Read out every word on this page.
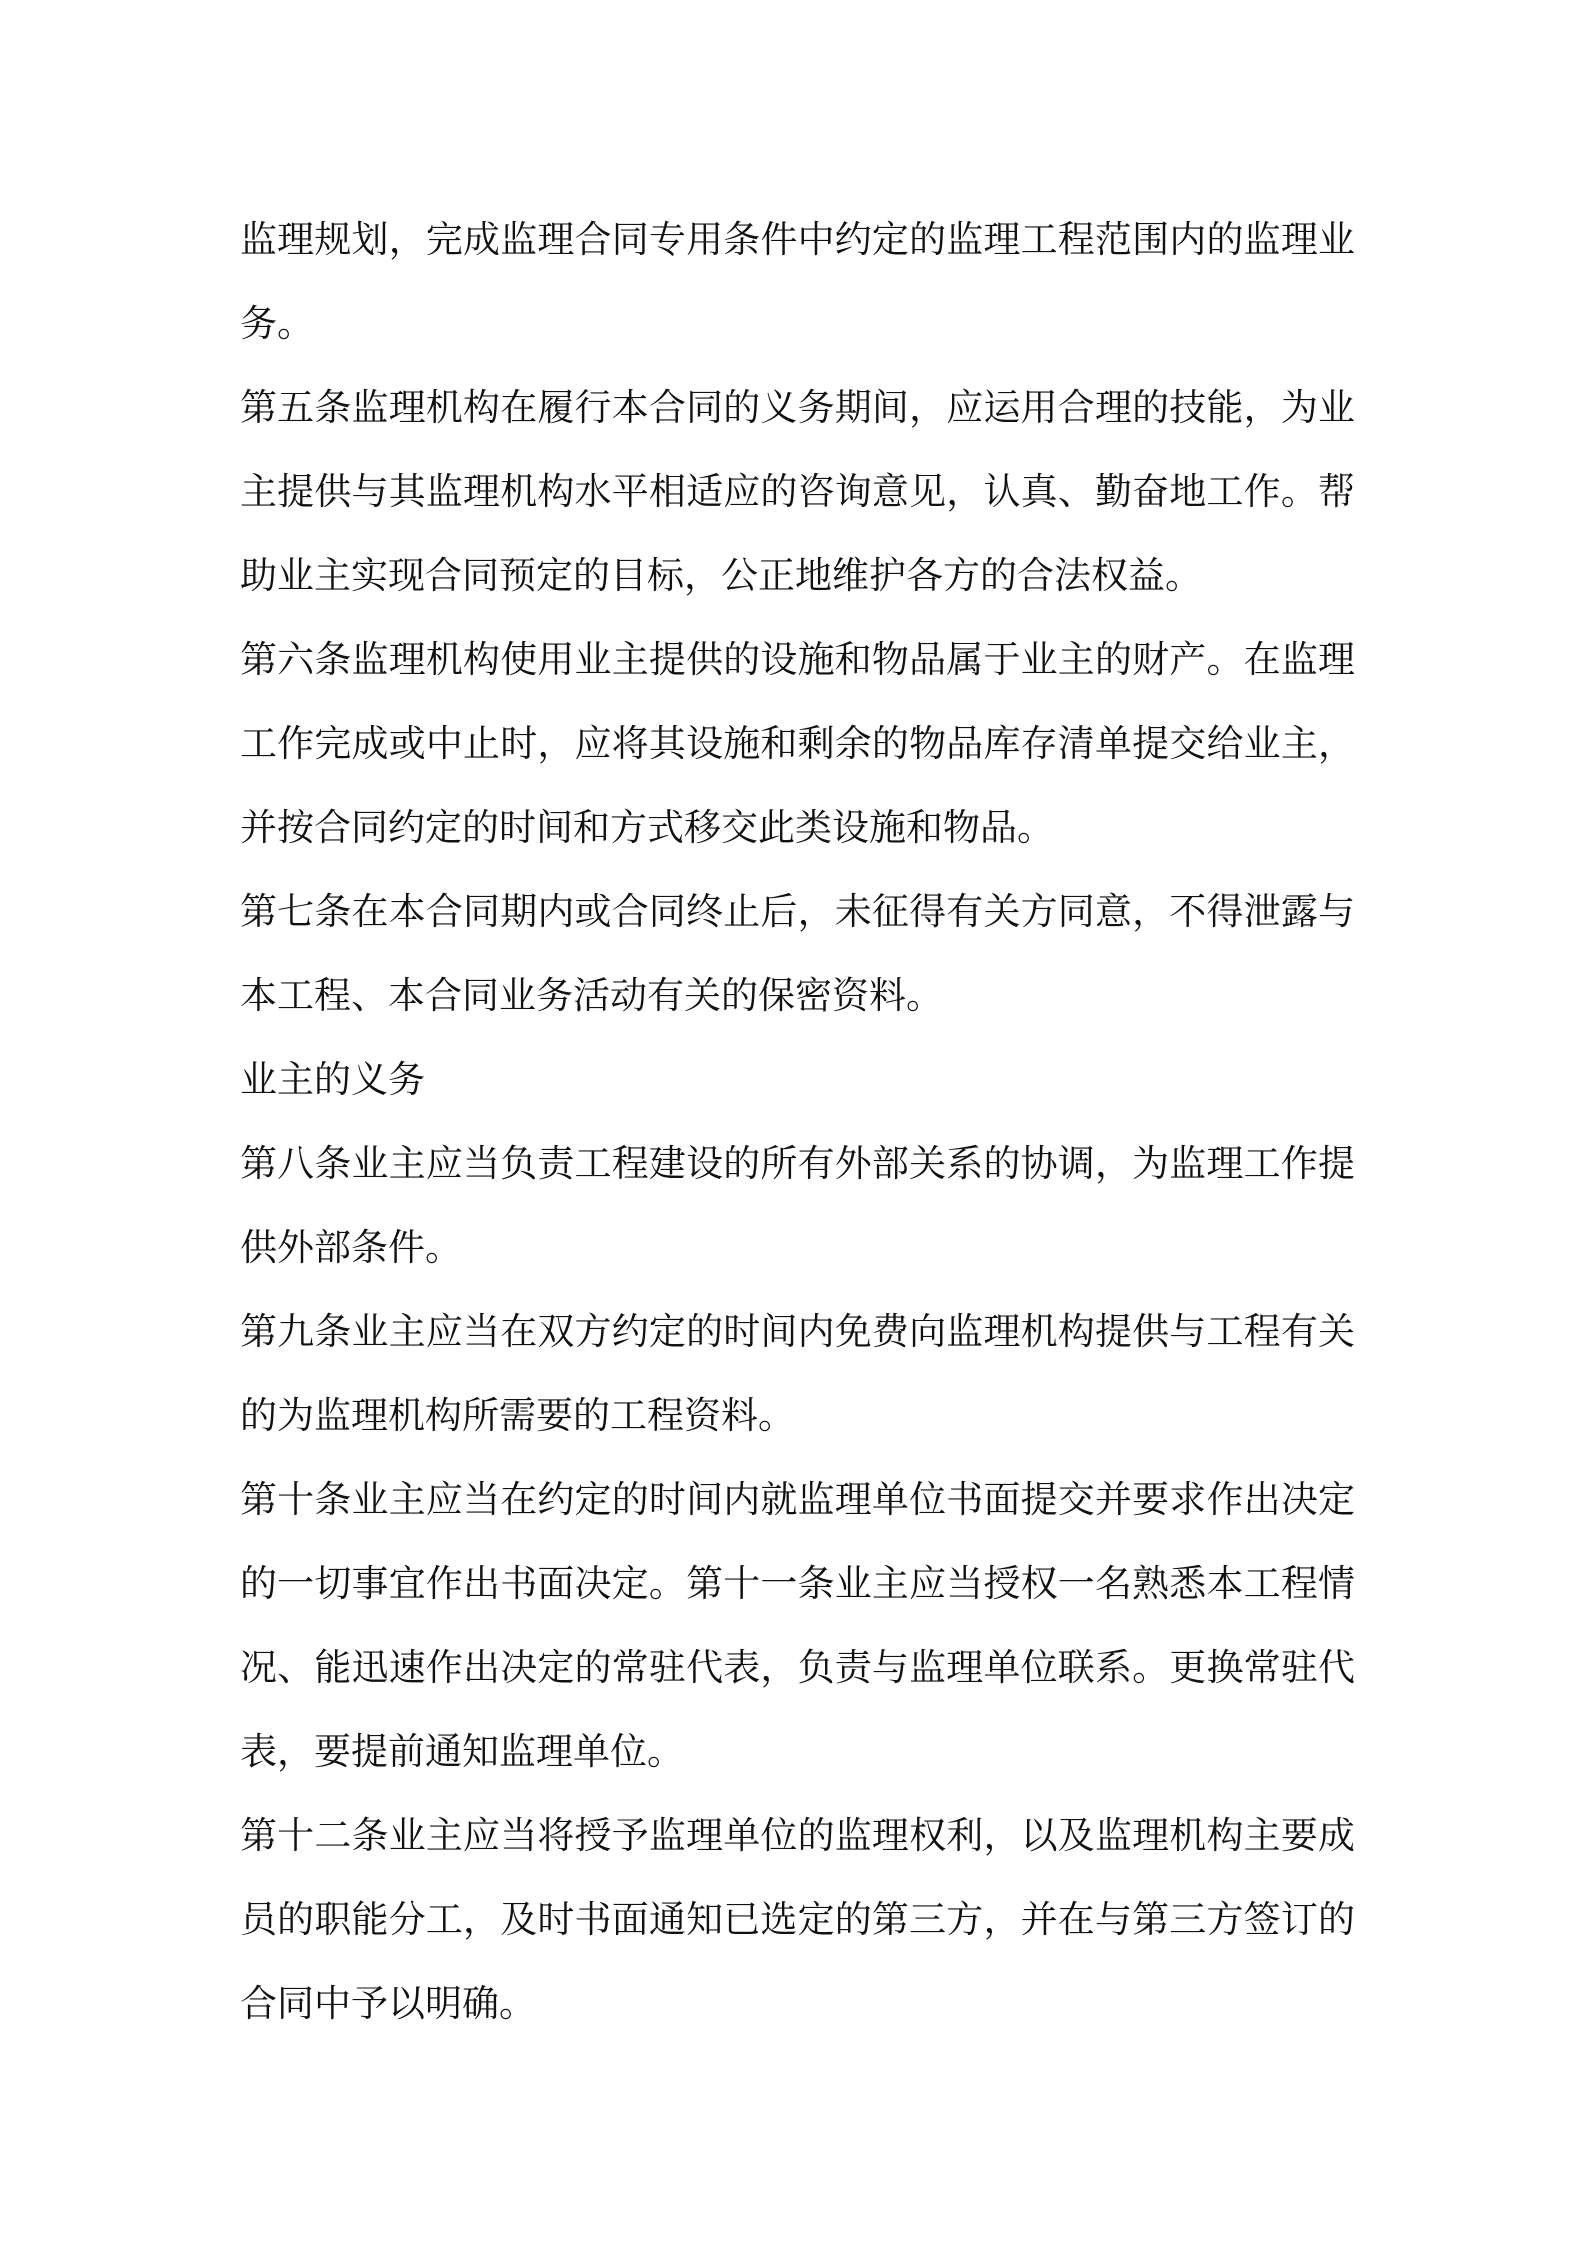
监理规划，完成监理合同专用条件中约定的监理工程范围内的监理业务。

第五条监理机构在履行本合同的义务期间，应运用合理的技能，为业主提供与其监理机构水平相适应的咨询意见，认真、勤奋地工作。帮助业主实现合同预定的目标，公正地维护各方的合法权益。

第六条监理机构使用业主提供的设施和物品属于业主的财产。在监理工作完成或中止时，应将其设施和剩余的物品库存清单提交给业主，并按合同约定的时间和方式移交此类设施和物品。

第七条在本合同期内或合同终止后，未征得有关方同意，不得泄露与本工程、本合同业务活动有关的保密资料。

业主的义务

第八条业主应当负责工程建设的所有外部关系的协调，为监理工作提供外部条件。

第九条业主应当在双方约定的时间内免费向监理机构提供与工程有关的为监理机构所需要的工程资料。

第十条业主应当在约定的时间内就监理单位书面提交并要求作出决定的一切事宜作出书面决定。第十一条业主应当授权一名熟悉本工程情况、能迅速作出决定的常驻代表，负责与监理单位联系。更换常驻代表，要提前通知监理单位。

第十二条业主应当将授予监理单位的监理权利，以及监理机构主要成员的职能分工，及时书面通知已选定的第三方，并在与第三方签订的合同中予以明确。
